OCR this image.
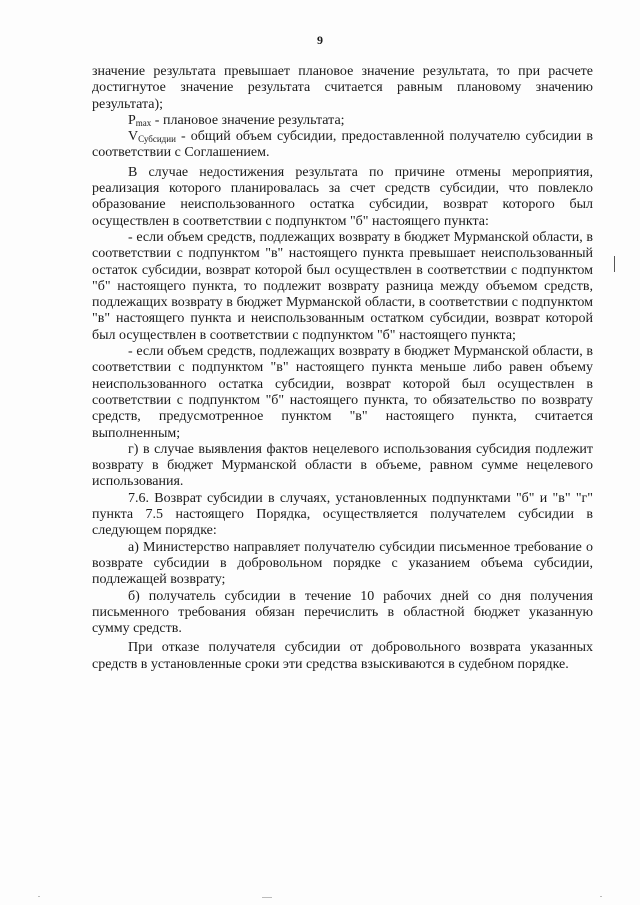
9

значение результата превышает плановое значение результата, то при расчете достигнутое значение результата считается равным плановому значению результата);

$P_{max}$ - плановое значение результата;

$V_{Субсидии}$ - общий объем субсидии, предоставленной получателю субсидии в соответствии с Соглашением.

В случае недостижения результата по причине отмены мероприятия, реализация которого планировалась за счет средств субсидии, что повлекло образование неиспользованного остатка субсидии, возврат которого был осуществлен в соответствии с подпунктом "б" настоящего пункта:

- если объем средств, подлежащих возврату в бюджет Мурманской области, в соответствии с подпунктом "в" настоящего пункта превышает неиспользованный остаток субсидии, возврат которой был осуществлен в соответствии с подпунктом "б" настоящего пункта, то подлежит возврату разница между объемом средств, подлежащих возврату в бюджет Мурманской области, в соответствии с подпунктом "в" настоящего пункта и неиспользованным остатком субсидии, возврат которой был осуществлен в соответствии с подпунктом "б" настоящего пункта;

- если объем средств, подлежащих возврату в бюджет Мурманской области, в соответствии с подпунктом "в" настоящего пункта меньше либо равен объему неиспользованного остатка субсидии, возврат которой был осуществлен в соответствии с подпунктом "б" настоящего пункта, то обязательство по возврату средств, предусмотренное пунктом "в" настоящего пункта, считается выполненным;

г) в случае выявления фактов нецелевого использования субсидия подлежит возврату в бюджет Мурманской области в объеме, равном сумме нецелевого использования.

7.6. Возврат субсидии в случаях, установленных подпунктами "б" и "в" "г" пункта 7.5 настоящего Порядка, осуществляется получателем субсидии в следующем порядке:

а) Министерство направляет получателю субсидии письменное требование о возврате субсидии в добровольном порядке с указанием объема субсидии, подлежащей возврату;

б) получатель субсидии в течение 10 рабочих дней со дня получения письменного требования обязан перечислить в областной бюджет указанную сумму средств.

При отказе получателя субсидии от добровольного возврата указанных средств в установленные сроки эти средства взыскиваются в судебном порядке.
